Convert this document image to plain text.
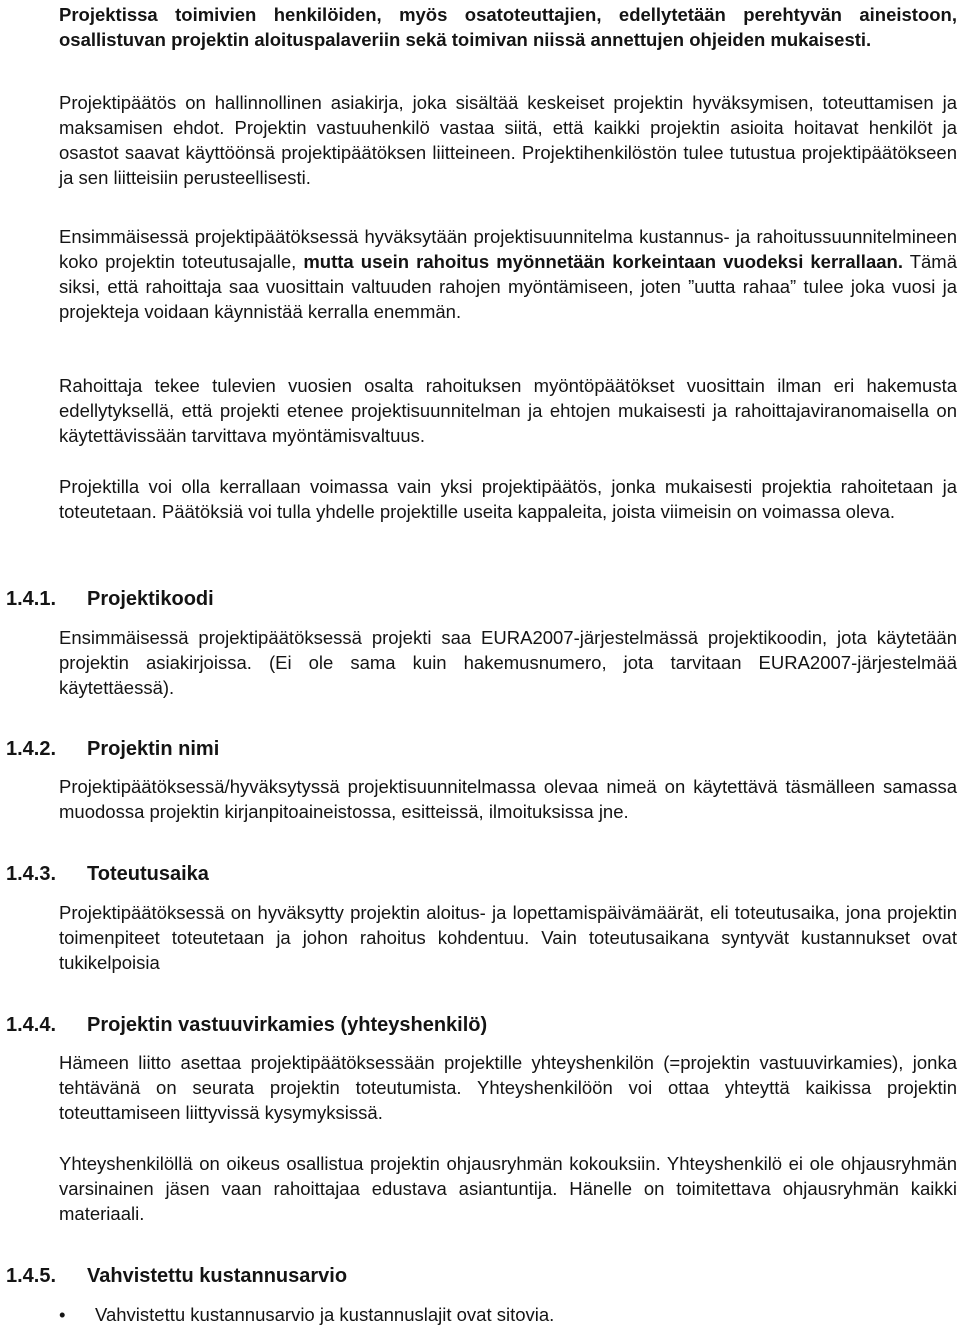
Projektissa toimivien henkilöiden, myös osatoteuttajien, edellytetään perehtyvän aineistoon, osallistuvan projektin aloituspalaveriin sekä toimivan niissä annettujen ohjeiden mukaisesti.

Projektipäätös on hallinnollinen asiakirja, joka sisältää keskeiset projektin hyväksymisen, toteuttamisen ja maksamisen ehdot. Projektin vastuuhenkilö vastaa siitä, että kaikki projektin asioita hoitavat henkilöt ja osastot saavat käyttöönsä projektipäätöksen liitteineen. Projektihenkilöstön tulee tutustua projektipäätökseen ja sen liitteisiin perusteellisesti.

Ensimmäisessä projektipäätöksessä hyväksytään projektisuunnitelma kustannus- ja rahoitussuunnitelmineen koko projektin toteutusajalle, mutta usein rahoitus myönnetään korkeintaan vuodeksi kerrallaan. Tämä siksi, että rahoittaja saa vuosittain valtuuden rahojen myöntämiseen, joten ”uutta rahaa” tulee joka vuosi ja projekteja voidaan käynnistää kerralla enemmän.

Rahoittaja tekee tulevien vuosien osalta rahoituksen myöntöpäätökset vuosittain ilman eri hakemusta edellytyksellä, että projekti etenee projektisuunnitelman ja ehtojen mukaisesti ja rahoittajaviranomaisella on käytettävissään tarvittava myöntämisvaltuus.

Projektilla voi olla kerrallaan voimassa vain yksi projektipäätös, jonka mukaisesti projektia rahoitetaan ja toteutetaan. Päätöksiä voi tulla yhdelle projektille useita kappaleita, joista viimeisin on voimassa oleva.

1.4.1. Projektikoodi

Ensimmäisessä projektipäätöksessä projekti saa EURA2007-järjestelmässä projektikoodin, jota käytetään projektin asiakirjoissa. (Ei ole sama kuin hakemusnumero, jota tarvitaan EURA2007-järjestelmää käytettäessä).

1.4.2. Projektin nimi

Projektipäätöksessä/hyväksytyssä projektisuunnitelmassa olevaa nimeä on käytettävä täsmälleen samassa muodossa projektin kirjanpitoaineistossa, esitteissä, ilmoituksissa jne.

1.4.3. Toteutusaika

Projektipäätöksessä on hyväksytty projektin aloitus- ja lopettamispäivämäärät, eli toteutusaika, jona projektin toimenpiteet toteutetaan ja johon rahoitus kohdentuu. Vain toteutusaikana syntyvät kustannukset ovat tukikelpoisia

1.4.4. Projektin vastuuvirkamies (yhteyshenkilö)

Hämeen liitto asettaa projektipäätöksessään projektille yhteyshenkilön (=projektin vastuuvirkamies), jonka tehtävänä on seurata projektin toteutumista. Yhteyshenkilöön voi ottaa yhteyttä kaikissa projektin toteuttamiseen liittyvissä kysymyksissä.

Yhteyshenkilöllä on oikeus osallistua projektin ohjausryhmän kokouksiin. Yhteyshenkilö ei ole ohjausryhmän varsinainen jäsen vaan rahoittajaa edustava asiantuntija. Hänelle on toimitettava ohjausryhmän kaikki materiaali.

1.4.5. Vahvistettu kustannusarvio
• Vahvistettu kustannusarvio ja kustannuslajit ovat sitovia.
